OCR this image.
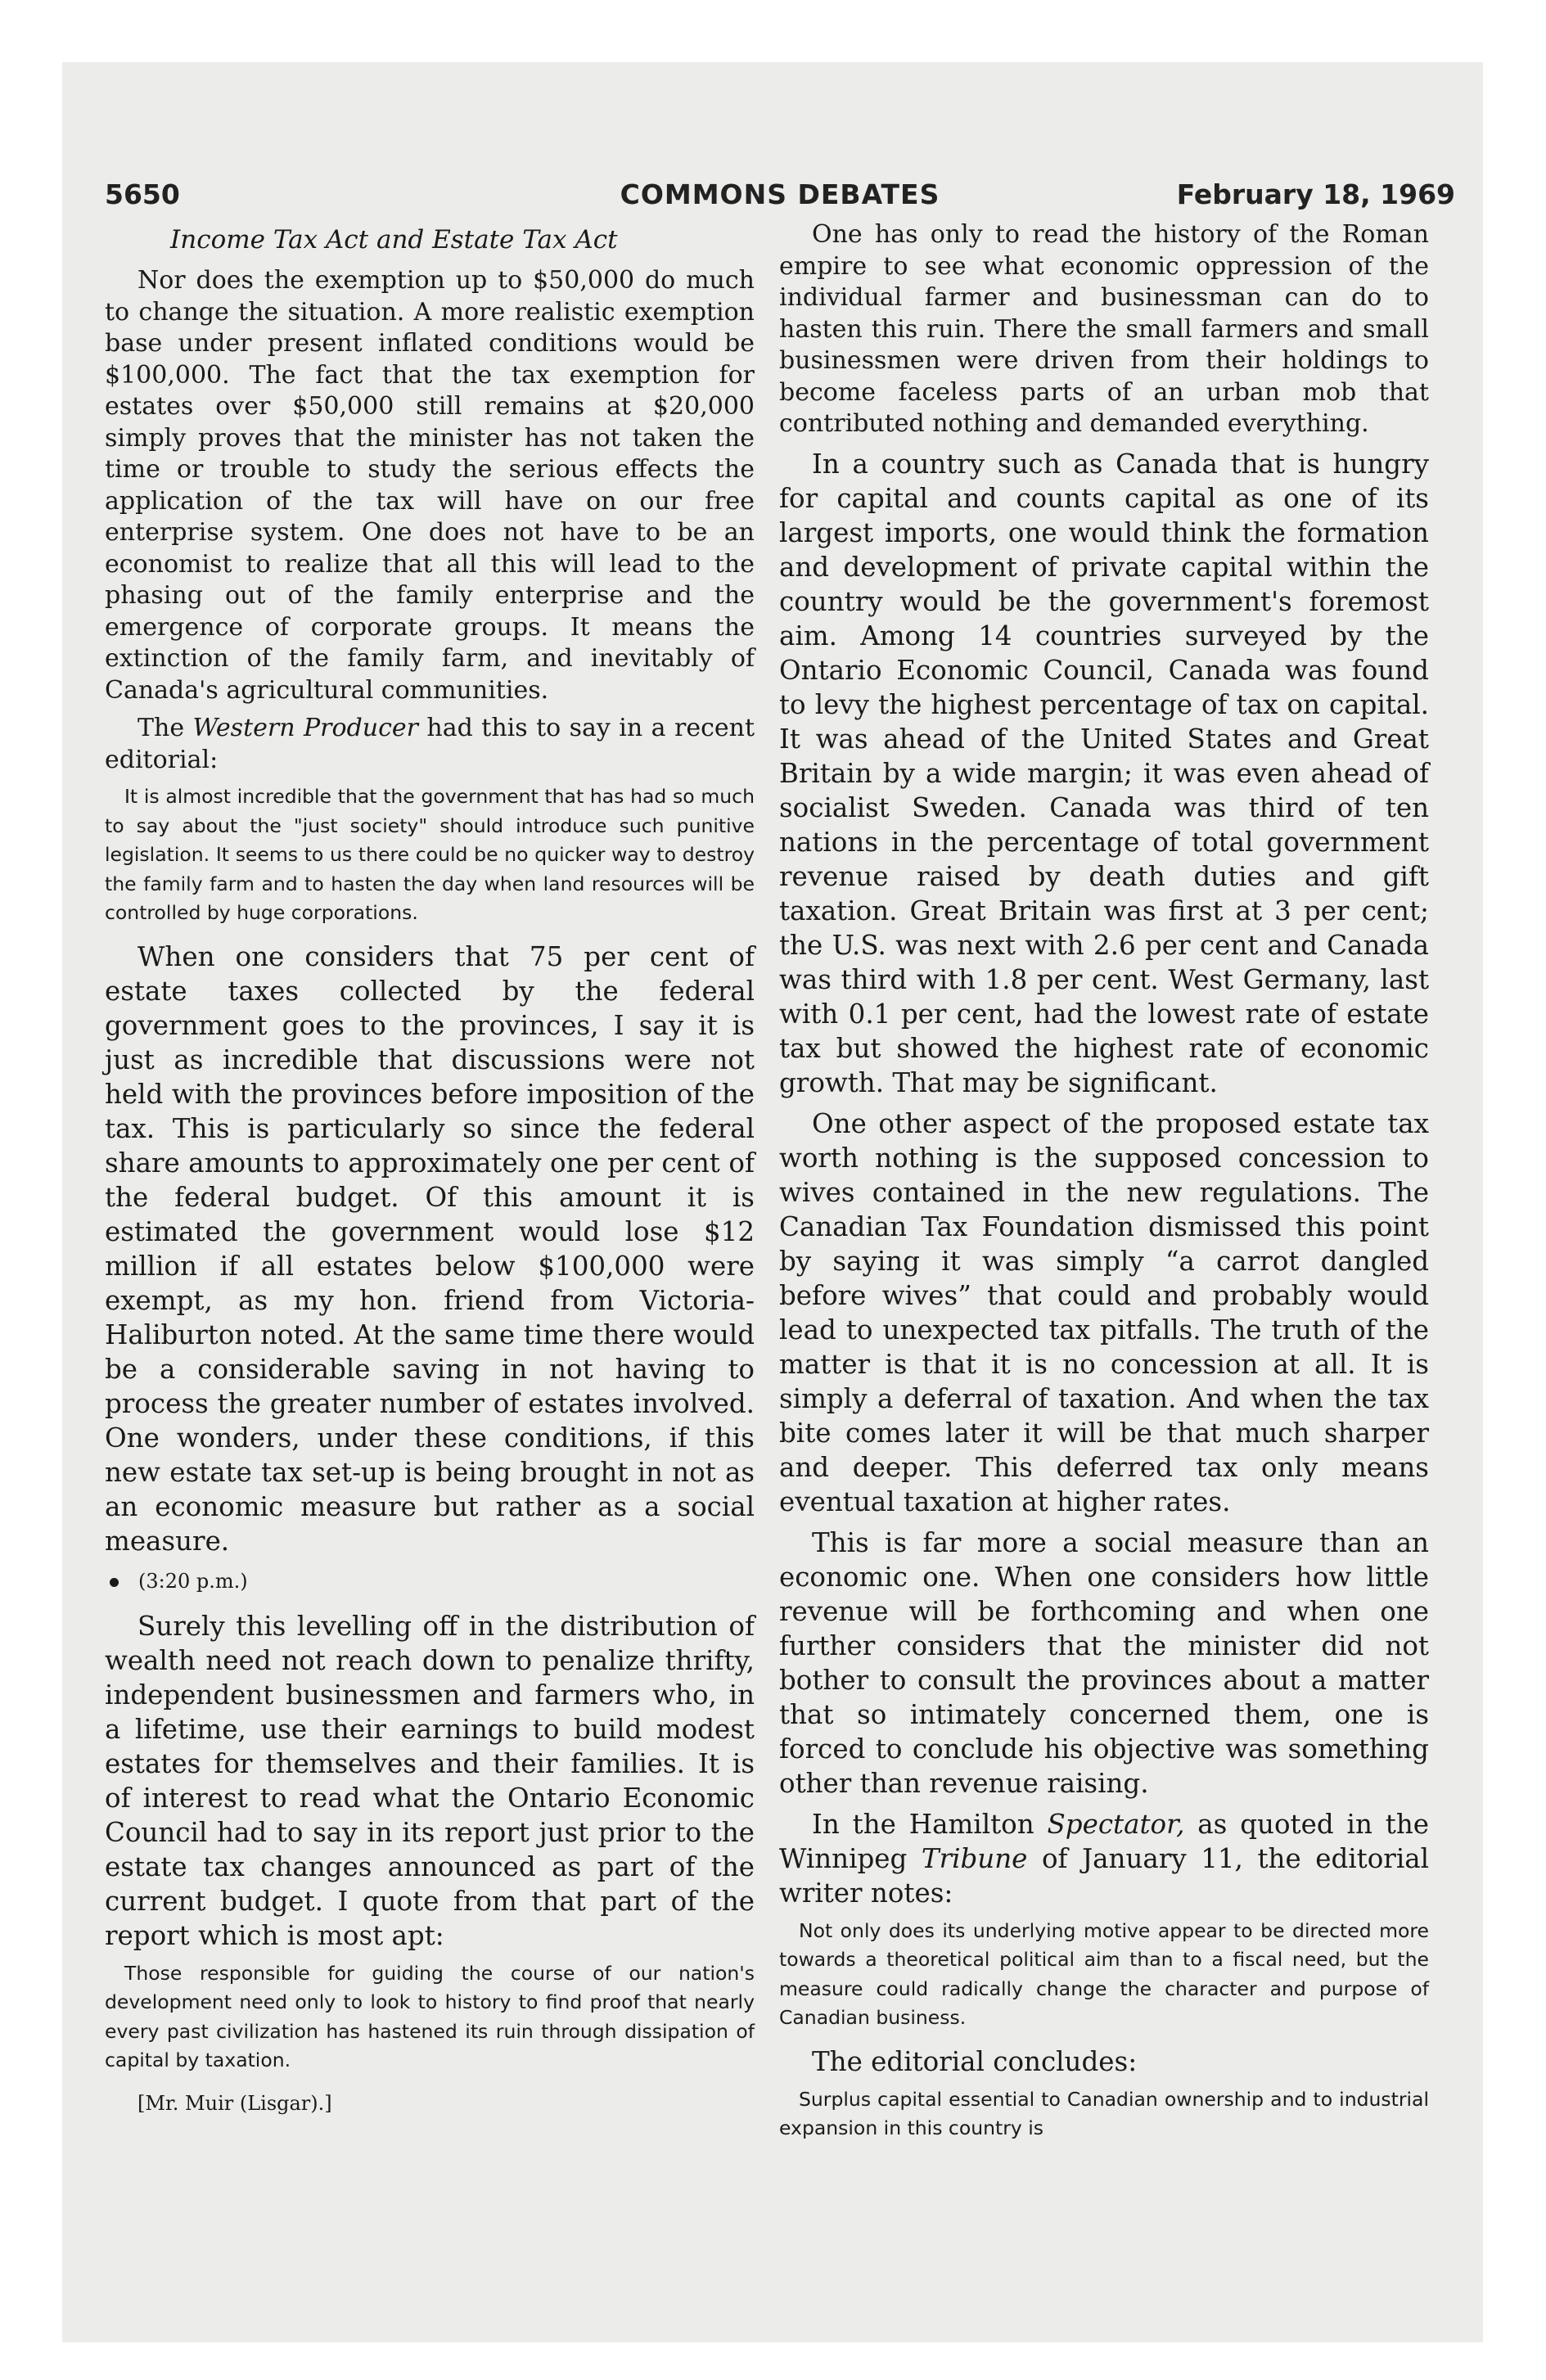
5650	COMMONS DEBATES	February 18, 1969
Income Tax Act and Estate Tax Act

Nor does the exemption up to $50,000 do much to change the situation. A more realistic exemption base under present inflated conditions would be $100,000. The fact that the tax exemption for estates over $50,000 still remains at $20,000 simply proves that the minister has not taken the time or trouble to study the serious effects the application of the tax will have on our free enterprise system. One does not have to be an economist to realize that all this will lead to the phasing out of the family enterprise and the emergence of corporate groups. It means the extinction of the family farm, and inevitably of Canada's agricultural communities.

The Western Producer had this to say in a recent editorial:

It is almost incredible that the government that has had so much to say about the "just society" should introduce such punitive legislation. It seems to us there could be no quicker way to destroy the family farm and to hasten the day when land resources will be controlled by huge corporations.

When one considers that 75 per cent of estate taxes collected by the federal government goes to the provinces, I say it is just as incredible that discussions were not held with the provinces before imposition of the tax. This is particularly so since the federal share amounts to approximately one per cent of the federal budget. Of this amount it is estimated the government would lose $12 million if all estates below $100,000 were exempt, as my hon. friend from Victoria-Haliburton noted. At the same time there would be a considerable saving in not having to process the greater number of estates involved. One wonders, under these conditions, if this new estate tax set-up is being brought in not as an economic measure but rather as a social measure.

(3:20 p.m.)

Surely this levelling off in the distribution of wealth need not reach down to penalize thrifty, independent businessmen and farmers who, in a lifetime, use their earnings to build modest estates for themselves and their families. It is of interest to read what the Ontario Economic Council had to say in its report just prior to the estate tax changes announced as part of the current budget. I quote from that part of the report which is most apt:

Those responsible for guiding the course of our nation's development need only to look to history to find proof that nearly every past civilization has hastened its ruin through dissipation of capital by taxation.
[Mr. Muir (Lisgar).]

One has only to read the history of the Roman empire to see what economic oppression of the individual farmer and businessman can do to hasten this ruin. There the small farmers and small businessmen were driven from their holdings to become faceless parts of an urban mob that contributed nothing and demanded everything.

In a country such as Canada that is hungry for capital and counts capital as one of its largest imports, one would think the formation and development of private capital within the country would be the government's foremost aim. Among 14 countries surveyed by the Ontario Economic Council, Canada was found to levy the highest percentage of tax on capital. It was ahead of the United States and Great Britain by a wide margin; it was even ahead of socialist Sweden. Canada was third of ten nations in the percentage of total government revenue raised by death duties and gift taxation. Great Britain was first at 3 per cent; the U.S. was next with 2.6 per cent and Canada was third with 1.8 per cent. West Germany, last with 0.1 per cent, had the lowest rate of estate tax but showed the highest rate of economic growth. That may be significant.

One other aspect of the proposed estate tax worth nothing is the supposed concession to wives contained in the new regulations. The Canadian Tax Foundation dismissed this point by saying it was simply “a carrot dangled before wives” that could and probably would lead to unexpected tax pitfalls. The truth of the matter is that it is no concession at all. It is simply a deferral of taxation. And when the tax bite comes later it will be that much sharper and deeper. This deferred tax only means eventual taxation at higher rates.

This is far more a social measure than an economic one. When one considers how little revenue will be forthcoming and when one further considers that the minister did not bother to consult the provinces about a matter that so intimately concerned them, one is forced to conclude his objective was something other than revenue raising.

In the Hamilton Spectator, as quoted in the Winnipeg Tribune of January 11, the editorial writer notes:

Not only does its underlying motive appear to be directed more towards a theoretical political aim than to a fiscal need, but the measure could radically change the character and purpose of Canadian business.

The editorial concludes:

Surplus capital essential to Canadian ownership and to industrial expansion in this country is
